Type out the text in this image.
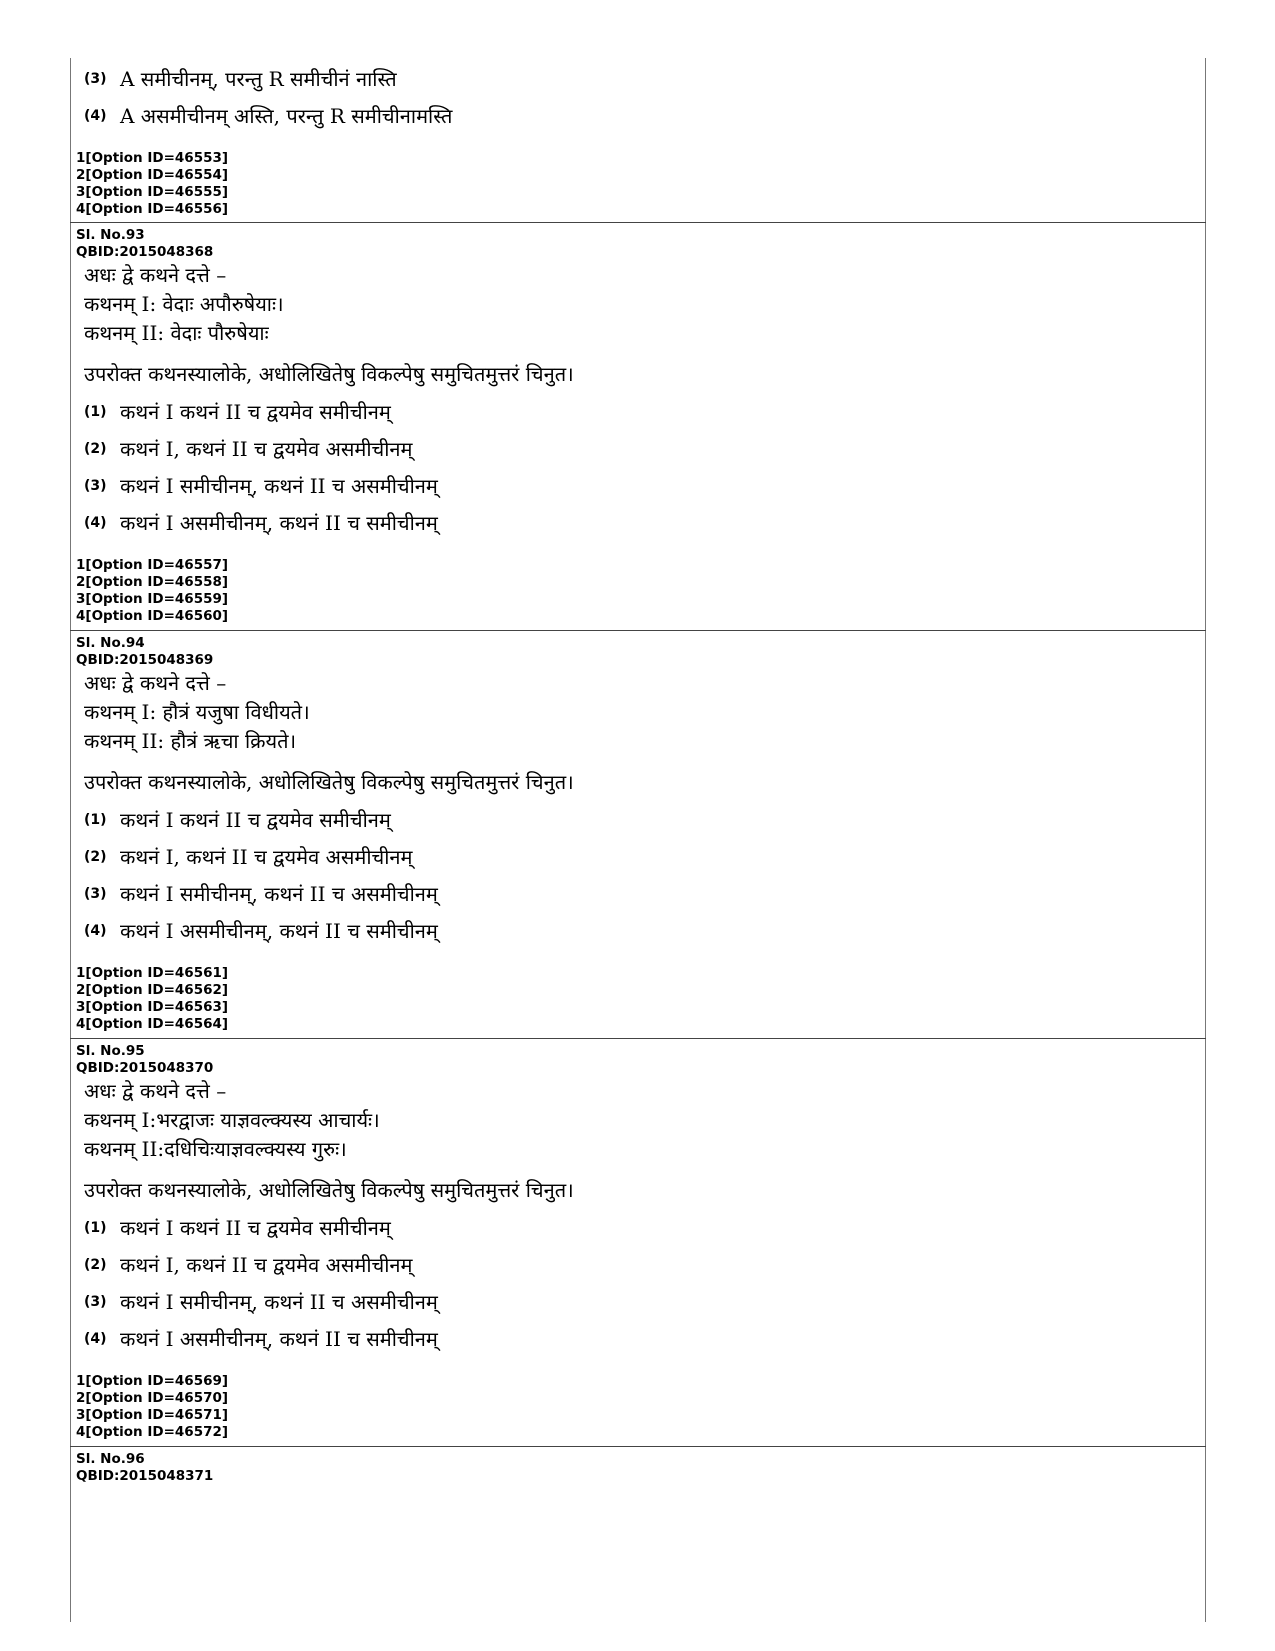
(3) A समीचीनम्, परन्तु R समीचीनं नास्ति
(4) A असमीचीनम् अस्ति, परन्तु R समीचीनामस्ति
1[Option ID=46553]
2[Option ID=46554]
3[Option ID=46555]
4[Option ID=46556]
Sl. No.93
QBID:2015048368
अधः द्वे कथने दत्ते –
कथनम् I: वेदाः अपौरुषेयाः।
कथनम् II: वेदाः पौरुषेयाः
उपरोक्त कथनस्यालोके, अधोलिखितेषु विकल्पेषु समुचितमुत्तरं चिनुत।
(1) कथनं I कथनं II च द्वयमेव समीचीनम्
(2) कथनं I, कथनं II च द्वयमेव असमीचीनम्
(3) कथनं I समीचीनम्, कथनं II च असमीचीनम्
(4) कथनं I असमीचीनम्, कथनं II च समीचीनम्
1[Option ID=46557]
2[Option ID=46558]
3[Option ID=46559]
4[Option ID=46560]
Sl. No.94
QBID:2015048369
अधः द्वे कथने दत्ते –
कथनम् I: हौत्रं यजुषा विधीयते।
कथनम् II: हौत्रं ऋचा क्रियते।
उपरोक्त कथनस्यालोके, अधोलिखितेषु विकल्पेषु समुचितमुत्तरं चिनुत।
(1) कथनं I कथनं II च द्वयमेव समीचीनम्
(2) कथनं I, कथनं II च द्वयमेव असमीचीनम्
(3) कथनं I समीचीनम्, कथनं II च असमीचीनम्
(4) कथनं I असमीचीनम्, कथनं II च समीचीनम्
1[Option ID=46561]
2[Option ID=46562]
3[Option ID=46563]
4[Option ID=46564]
Sl. No.95
QBID:2015048370
अधः द्वे कथने दत्ते –
कथनम् I:भरद्वाजः याज्ञवल्क्यस्य आचार्यः।
कथनम् II:दधिचिःयाज्ञवल्क्यस्य गुरुः।
उपरोक्त कथनस्यालोके, अधोलिखितेषु विकल्पेषु समुचितमुत्तरं चिनुत।
(1) कथनं I कथनं II च द्वयमेव समीचीनम्
(2) कथनं I, कथनं II च द्वयमेव असमीचीनम्
(3) कथनं I समीचीनम्, कथनं II च असमीचीनम्
(4) कथनं I असमीचीनम्, कथनं II च समीचीनम्
1[Option ID=46569]
2[Option ID=46570]
3[Option ID=46571]
4[Option ID=46572]
Sl. No.96
QBID:2015048371
